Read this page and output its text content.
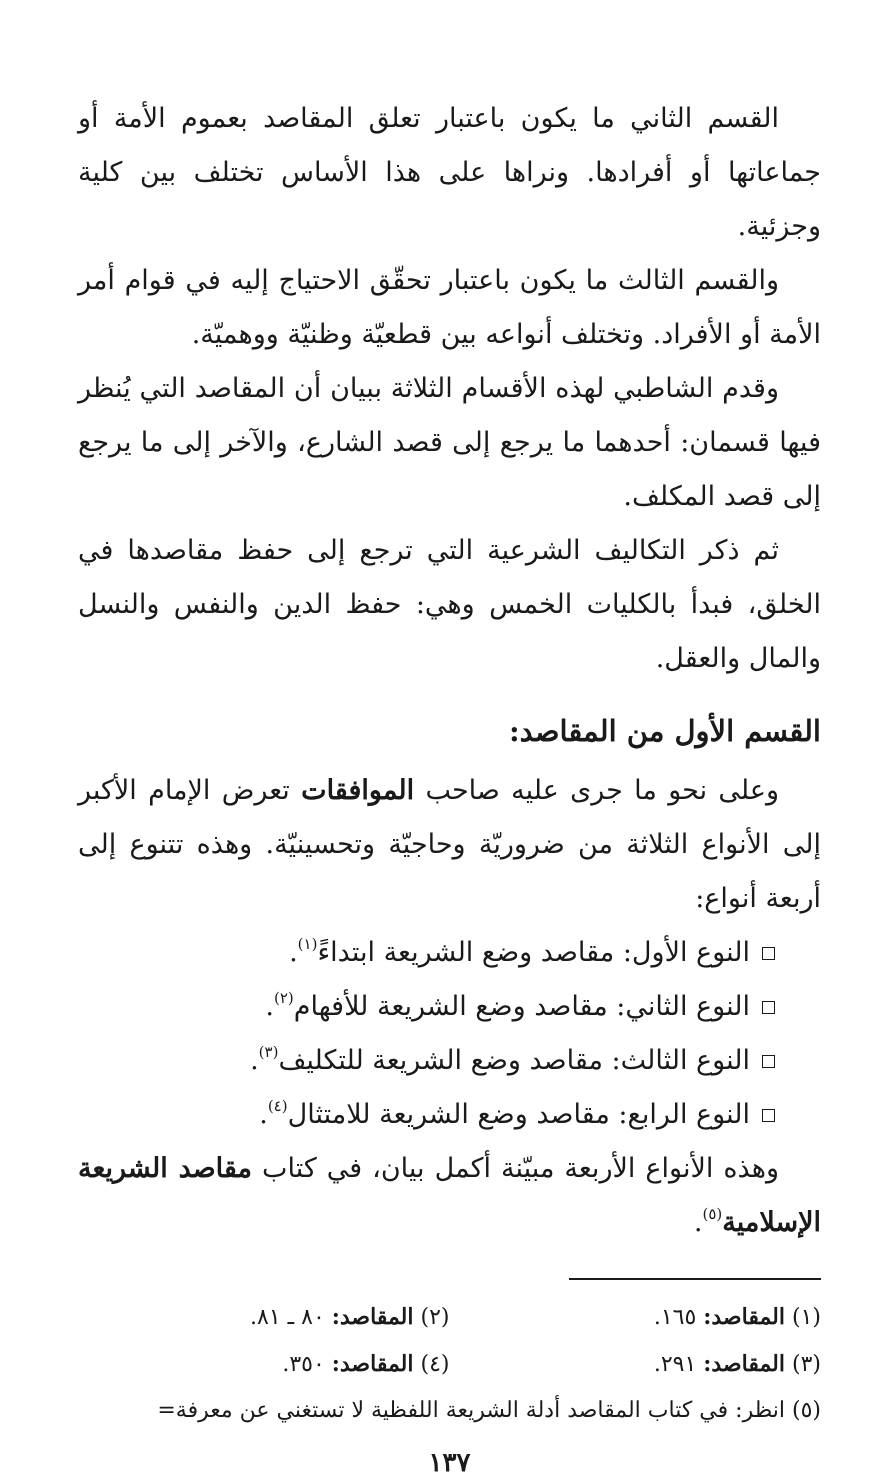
القسم الثاني ما يكون باعتبار تعلق المقاصد بعموم الأمة أو جماعاتها أو أفرادها. ونراها على هذا الأساس تختلف بين كلية وجزئية.

والقسم الثالث ما يكون باعتبار تحقّق الاحتياج إليه في قوام أمر الأمة أو الأفراد. وتختلف أنواعه بين قطعيّة وظنيّة ووهميّة.

وقدم الشاطبي لهذه الأقسام الثلاثة ببيان أن المقاصد التي يُنظر فيها قسمان: أحدهما ما يرجع إلى قصد الشارع، والآخر إلى ما يرجع إلى قصد المكلف.

ثم ذكر التكاليف الشرعية التي ترجع إلى حفظ مقاصدها في الخلق، فبدأ بالكليات الخمس وهي: حفظ الدين والنفس والنسل والمال والعقل.

القسم الأول من المقاصد:

وعلى نحو ما جرى عليه صاحب الموافقات تعرض الإمام الأكبر إلى الأنواع الثلاثة من ضروريّة وحاجيّة وتحسينيّة. وهذه تتنوع إلى أربعة أنواع:

النوع الأول: مقاصد وضع الشريعة ابتداءً$^{(١)}$.
النوع الثاني: مقاصد وضع الشريعة للأفهام$^{(٢)}$.
النوع الثالث: مقاصد وضع الشريعة للتكليف$^{(٣)}$.
النوع الرابع: مقاصد وضع الشريعة للامتثال$^{(٤)}$.

وهذه الأنواع الأربعة مبيّنة أكمل بيان، في كتاب مقاصد الشريعة الإسلامية$^{(٥)}$.

(١) المقاصد: ١٦٥.
(٢) المقاصد: ٨٠ ـ ٨١.
(٣) المقاصد: ٢٩١.
(٤) المقاصد: ٣٥٠.
(٥) انظر: في كتاب المقاصد أدلة الشريعة اللفظية لا تستغني عن معرفة=
١٣٧
